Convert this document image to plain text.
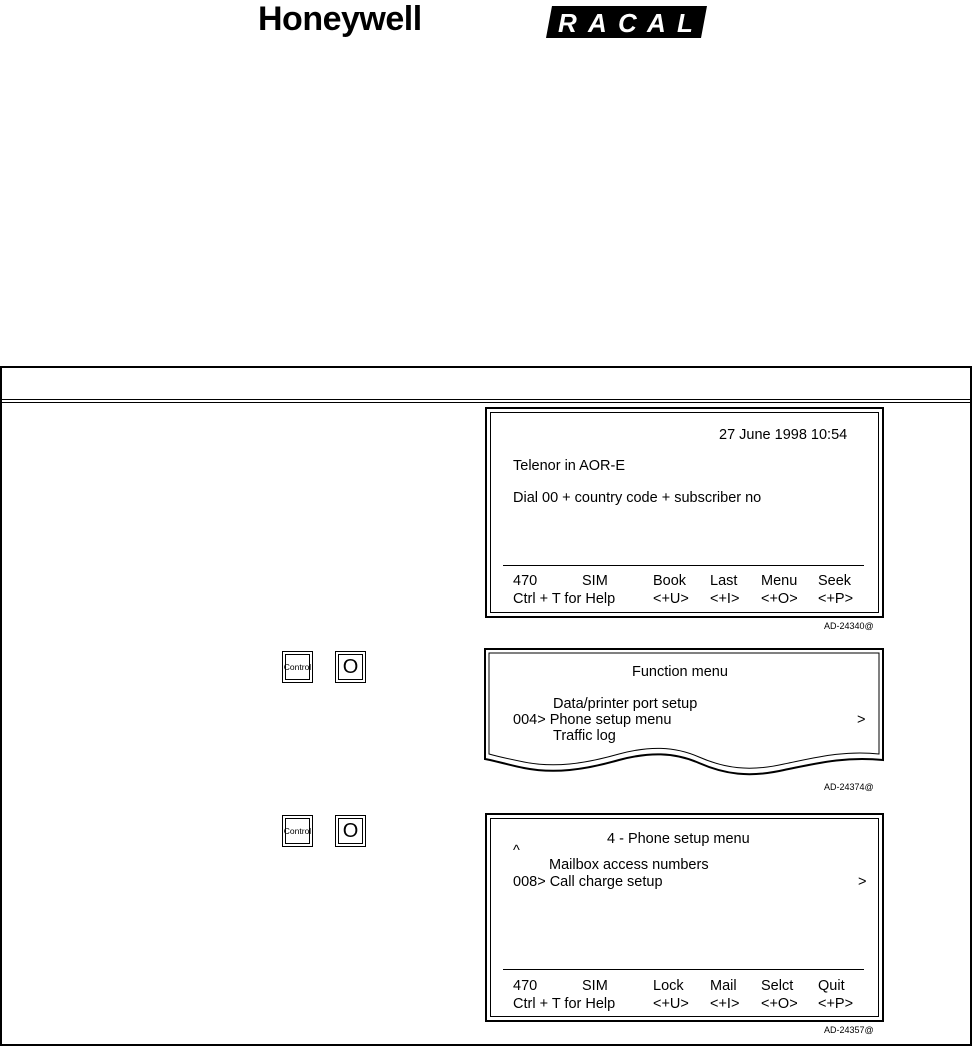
Honeywell	R A C A L
27 June 1998 10:54
Telenor in AOR-E
Dial 00 + country code + subscriber no
470	SIM	Book Last Menu Seek
Ctrl + T for Help	<+U> <+I> <+O> <+P>
AD-24340@
Control O	Function menu
Data/printer port setup
004> Phone setup menu	>
Traffic log
AD-24374@
Control O
^
4 - Phone setup menu
Mailbox access numbers
008> Call charge setup	>
470	SIM	Lock Mail Selct Quit
Ctrl + T for Help	<+U> <+I> <+O> <+P>
AD-24357@
